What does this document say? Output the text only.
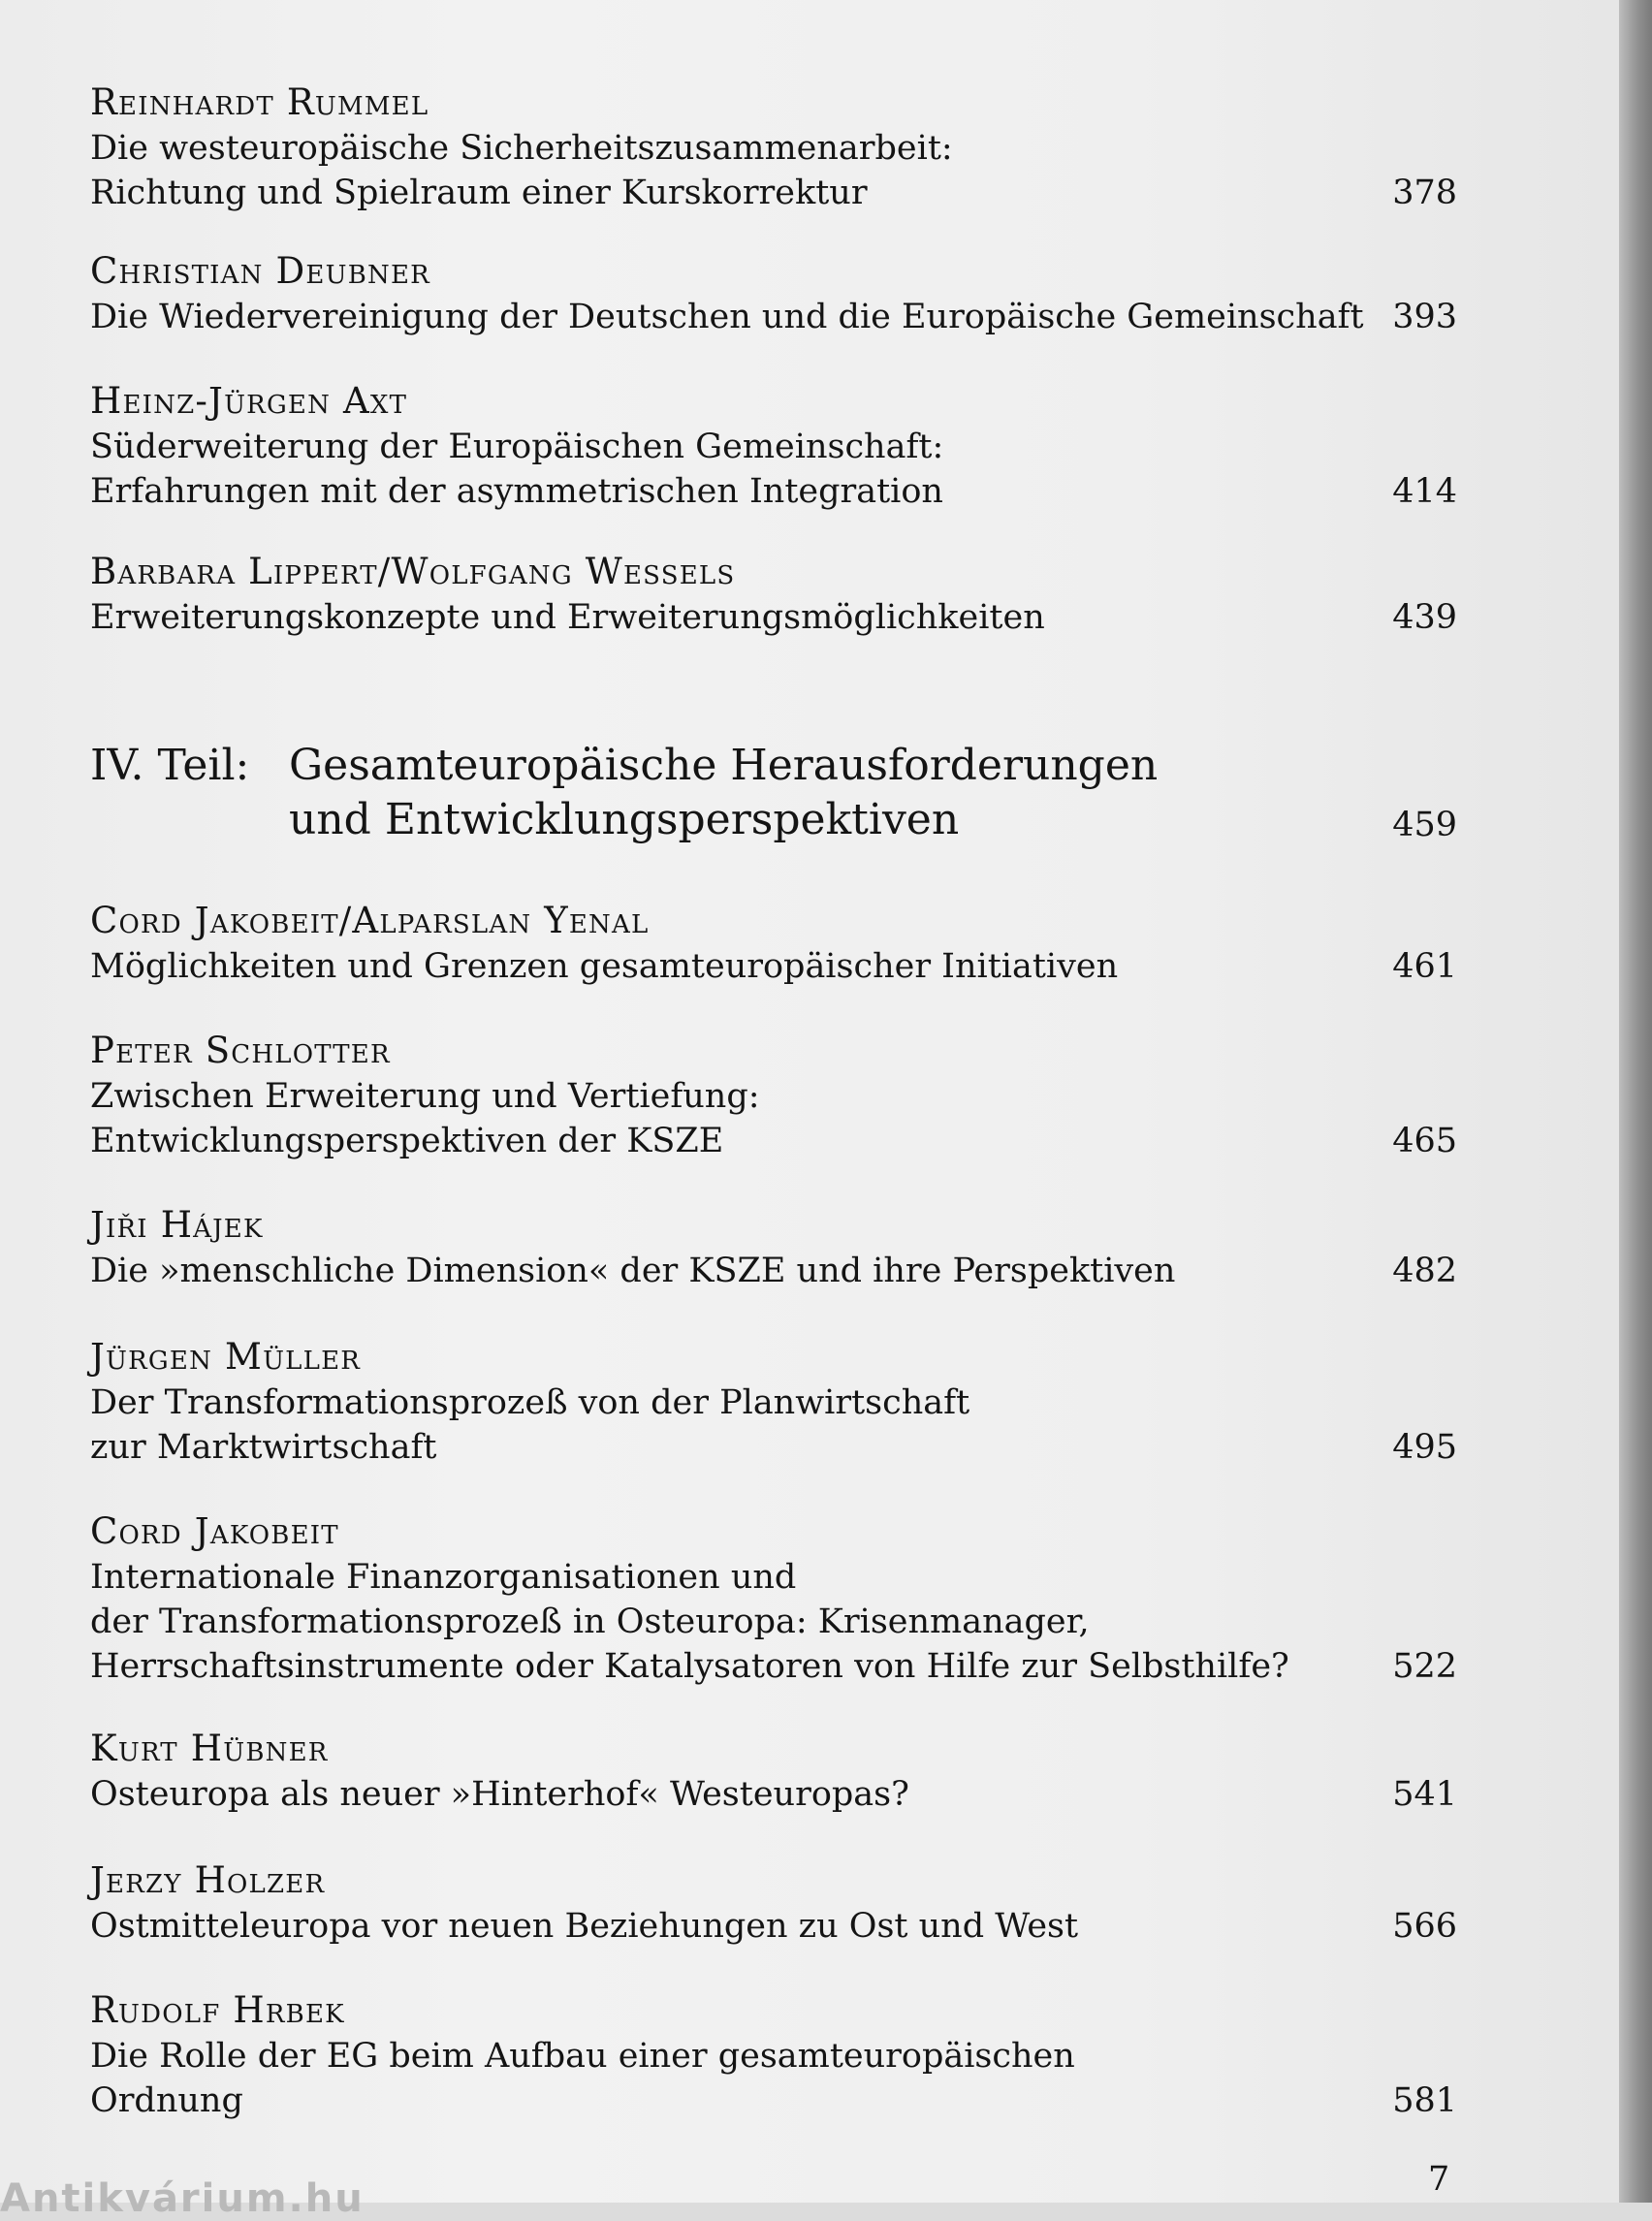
Reinhardt Rummel
Die westeuropäische Sicherheitszusammenarbeit:
Richtung und Spielraum einer Kurskorrektur	378
Christian Deubner
Die Wiedervereinigung der Deutschen und die Europäische Gemeinschaft 393
Heinz-Jürgen Axt
Süderweiterung der Europäischen Gemeinschaft:
Erfahrungen mit der asymmetrischen Integration	414
Barbara Lippert/Wolfgang Wessels
Erweiterungskonzepte und Erweiterungsmöglichkeiten	439
IV. Teil: Gesamteuropäische Herausforderungen
und Entwicklungsperspektiven	459
Cord Jakobeit/Alparslan Yenal
Möglichkeiten und Grenzen gesamteuropäischer Initiativen	461
Peter Schlotter
Zwischen Erweiterung und Vertiefung:
Entwicklungsperspektiven der KSZE	465
Jiři Hájek
Die »menschliche Dimension« der KSZE und ihre Perspektiven	482
Jürgen Müller
Der Transformationsprozeß von der Planwirtschaft
zur Marktwirtschaft	495
Cord Jakobeit
Internationale Finanzorganisationen und
der Transformationsprozeß in Osteuropa: Krisenmanager,
Herrschaftsinstrumente oder Katalysatoren von Hilfe zur Selbsthilfe?	522
Kurt Hübner
Osteuropa als neuer »Hinterhof« Westeuropas?	541
Jerzy Holzer
Ostmitteleuropa vor neuen Beziehungen zu Ost und West	566
Rudolf Hrbek
Die Rolle der EG beim Aufbau einer gesamteuropäischen
Ordnung	581
7
Antikvárium.hu
